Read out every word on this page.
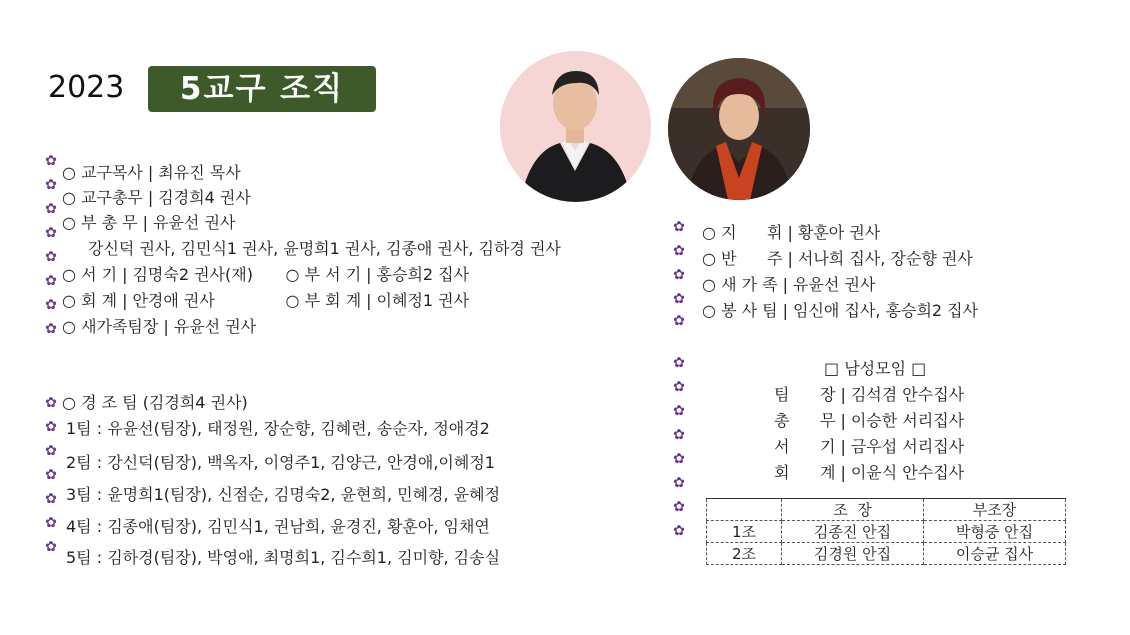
2023	5교구 조직
✿
✿
✿
✿
✿
✿
✿
✿
○ 교구목사 | 최유진 목사
○ 교구총무 | 김경희4 권사
○ 부 총 무 | 유윤선 권사
강신덕 권사, 김민식1 권사, 윤명희1 권사, 김종애 권사, 김하경 권사
○ 서 기 | 김명숙2 권사(재) ○ 부 서 기 | 홍승희2 집사
○ 회 계 | 안경애 권사	○ 부 회 계 | 이혜정1 권사
○ 새가족팀장 | 유윤선 권사
✿
✿
✿
✿
✿
✿
✿
○ 경 조 팀 (김경희4 권사)
1팀 : 유윤선(팀장), 태정원, 장순향, 김혜련, 송순자, 정애경2
2팀 : 강신덕(팀장), 백옥자, 이영주1, 김양근, 안경애,이혜정1
3팀 : 윤명희1(팀장), 신점순, 김명숙2, 윤현희, 민혜경, 윤혜정
4팀 : 김종애(팀장), 김민식1, 권남희, 윤경진, 황훈아, 임채연
5팀 : 김하경(팀장), 박영애, 최명희1, 김수희1, 김미향, 김송실
✿
✿
✿
✿
✿
○ 지      휘 | 황훈아 권사
○ 반      주 | 서나희 집사, 장순향 권사
○ 새 가 족 | 유윤선 권사
○ 봉 사 팀 | 임신애 집사, 홍승희2 집사
✿
✿
✿
✿
✿
✿
✿
✿
□ 남성모임 □
팀      장 | 김석겸 안수집사
총      무 | 이승한 서리집사
서      기 | 금우섭 서리집사
회      계 | 이윤식 안수집사
	조  장	부조장
1조	김종진 안집	박형중 안집
2조	김경원 안집	이승균 집사
